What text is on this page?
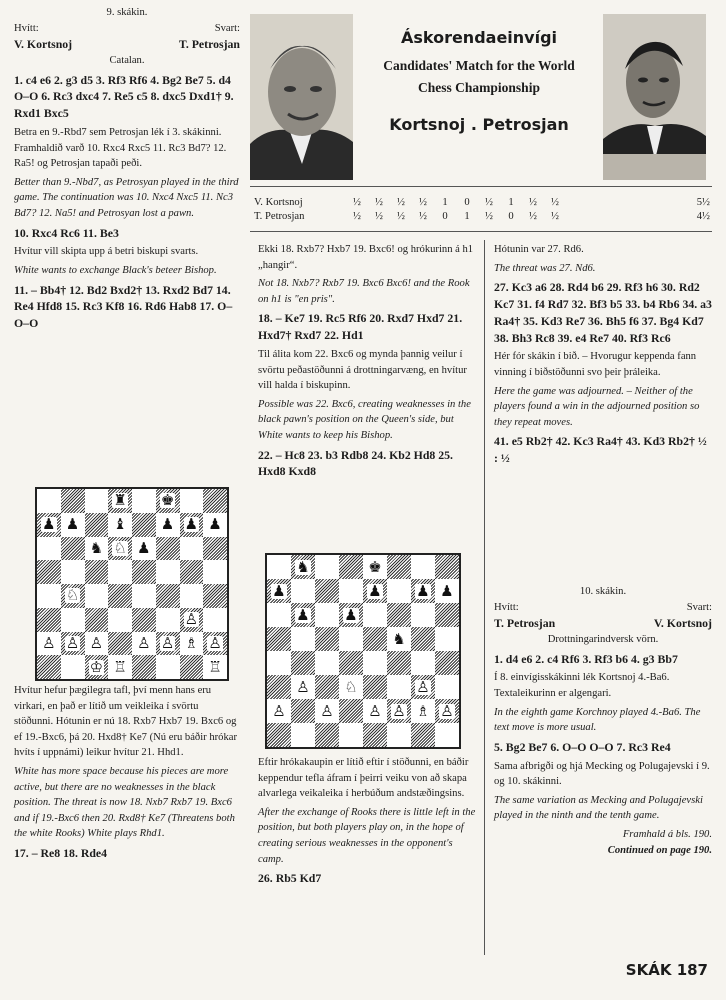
9. skákin.
Hvítt:	Svart:
V. Kortsnoj	T. Petrosjan
Catalan.

1. c4 e6 2. g3 d5 3. Rf3 Rf6 4. Bg2 Be7 5. d4 O–O 6. Rc3 dxc4 7. Re5 c5 8. dxc5 Dxd1† 9. Rxd1 Bxc5

Betra en 9.-Rbd7 sem Petrosjan lék í 3. skákinni. Framhaldið varð 10. Rxc4 Rxc5 11. Rc3 Bd7? 12. Ra5! og Petrosjan tapaði peði.

Better than 9.-Nbd7, as Petrosyan played in the third game. The continuation was 10. Nxc4 Nxc5 11. Nc3 Bd7? 12. Na5! and Petrosyan lost a pawn.

10. Rxc4 Rc6 11. Be3

Hvítur vill skipta upp á betri biskupi svarts.

White wants to exchange Black's beteer Bishop.

11. – Bb4† 12. Bd2 Bxd2† 13. Rxd2 Bd7 14. Re4 Hfd8 15. Rc3 Kf8 16. Rd6 Hab8 17. O–O–O

♜ ♚
♟ ♟ ♝ ♟ ♟ ♟
♞ ♘ ♟
♘
♙
♙ ♙ ♙ ♙ ♙ ♗ ♙
♔ ♖	♖

Hvítur hefur þægilegra tafl, því menn hans eru virkari, en það er lítið um veikleika í svörtu stöðunni. Hótunin er nú 18. Rxb7 Hxb7 19. Bxc6 og ef 19.-Bxc6, þá 20. Hxd8† Ke7 (Nú eru báðir hrókar hvíts í uppnámi) leikur hvítur 21. Hhd1.

White has more space because his pieces are more active, but there are no weaknesses in the black position. The threat is now 18. Nxb7 Rxb7 19. Bxc6 and if 19.-Bxc6 then 20. Rxd8† Ke7 (Threatens both the white Rooks) White plays Rhd1.

17. – Re8 18. Rde4

Áskorendaeinvígi
Candidates' Match for the World Chess Championship
Kortsnoj . Petrosjan
V. Kortsnoj	½	½	½	½	1	0	½	1	½	½	5½
T. Petrosjan	½	½	½	½	0	1	½	0	½	½	4½

Ekki 18. Rxb7? Hxb7 19. Bxc6! og hrókurinn á h1 „hangir“.

Not 18. Nxb7? Rxb7 19. Bxc6 Bxc6! and the Rook on h1 is "en pris".

18. – Ke7 19. Rc5 Rf6 20. Rxd7 Hxd7 21. Hxd7† Rxd7 22. Hd1

Til álita kom 22. Bxc6 og mynda þannig veilur í svörtu peðastöðunni á drottningarvæng, en hvítur vill halda í biskupinn.

Possible was 22. Bxc6, creating weaknesses in the black pawn's position on the Queen's side, but White wants to keep his Bishop.

22. – Hc8 23. b3 Rdb8 24. Kb2 Hd8 25. Hxd8 Kxd8

♞	♚
♟	♟ ♟ ♟
♟ ♟
♞
♙ ♘	♙
♙ ♙ ♙ ♙ ♗ ♙

Eftir hrókakaupin er lítið eftir í stöðunni, en báðir keppendur tefla áfram í þeirri veiku von að skapa alvarlega veikaleika í herbúðum andstæðingsins.

After the exchange of Rooks there is little left in the position, but both players play on, in the hope of creating serious weaknesses in the opponent's camp.

26. Rb5 Kd7

Hótunin var 27. Rd6.

The threat was 27. Nd6.

27. Kc3 a6 28. Rd4 b6 29. Rf3 h6 30. Rd2 Kc7 31. f4 Rd7 32. Bf3 b5 33. b4 Rb6 34. a3 Ra4† 35. Kd3 Re7 36. Bh5 f6 37. Bg4 Kd7 38. Bh3 Rc8 39. e4 Re7 40. Rf3 Rc6

Hér fór skákin í bið. – Hvorugur keppenda fann vinning í biðstöðunni svo þeir þráleika.

Here the game was adjourned. – Neither of the players found a win in the adjourned position so they repeat moves.

41. e5 Rb2† 42. Kc3 Ra4† 43. Kd3 Rb2† ½ : ½

10. skákin.
Hvítt:	Svart:
T. Petrosjan	V. Kortsnoj
Drottningarindversk vörn.

1. d4 e6 2. c4 Rf6 3. Rf3 b6 4. g3 Bb7

Í 8. einvígisskákinni lék Kortsnoj 4.-Ba6. Textaleikurinn er algengari.

In the eighth game Korchnoy played 4.-Ba6. The text move is more usual.

5. Bg2 Be7 6. O–O O–O 7. Rc3 Re4

Sama afbrigði og hjá Mecking og Polugajevski í 9. og 10. skákinni.

The same variation as Mecking and Polugajevski played in the ninth and the tenth game.

Framhald á bls. 190.

Continued on page 190.

SKÁK 187
